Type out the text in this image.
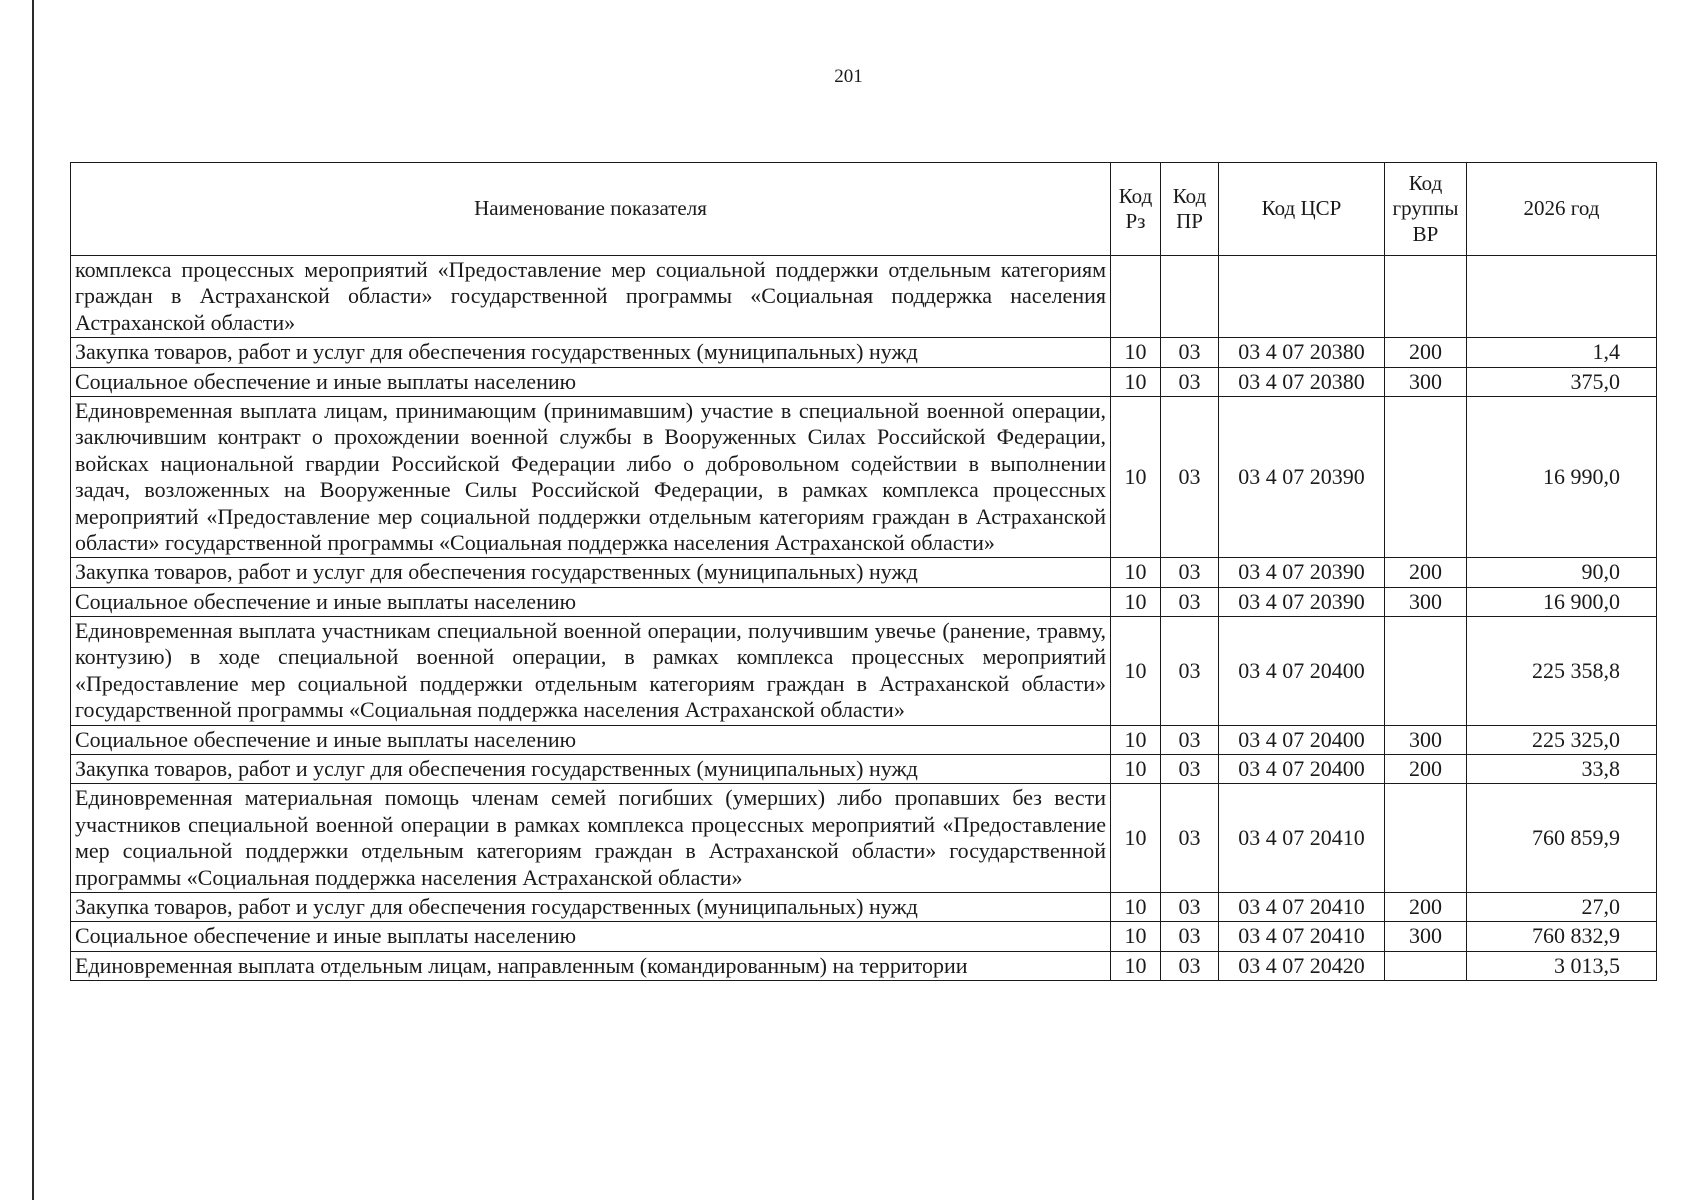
201
Наименование показателя	Код Рз	Код ПР	Код ЦСР	Код группы ВР	2026 год
комплекса процессных мероприятий «Предоставление мер социальной поддержки отдельным категориям граждан в Астраханской области» государственной программы «Социальная поддержка населения Астраханской области»					
Закупка товаров, работ и услуг для обеспечения государственных (муниципальных) нужд	10	03	03 4 07 20380	200	1,4
Социальное обеспечение и иные выплаты населению	10	03	03 4 07 20380	300	375,0
Единовременная выплата лицам, принимающим (принимавшим) участие в специальной военной операции, заключившим контракт о прохождении военной службы в Вооруженных Силах Российской Федерации, войсках национальной гвардии Российской Федерации либо о добровольном содействии в выполнении задач, возложенных на Вооруженные Силы Российской Федерации, в рамках комплекса процессных мероприятий «Предоставление мер социальной поддержки отдельным категориям граждан в Астраханской области» государственной программы «Социальная поддержка населения Астраханской области»	10	03	03 4 07 20390		16 990,0
Закупка товаров, работ и услуг для обеспечения государственных (муниципальных) нужд	10	03	03 4 07 20390	200	90,0
Социальное обеспечение и иные выплаты населению	10	03	03 4 07 20390	300	16 900,0
Единовременная выплата участникам специальной военной операции, получившим увечье (ранение, травму, контузию) в ходе специальной военной операции, в рамках комплекса процессных мероприятий «Предоставление мер социальной поддержки отдельным категориям граждан в Астраханской области» государственной программы «Социальная поддержка населения Астраханской области»	10	03	03 4 07 20400		225 358,8
Социальное обеспечение и иные выплаты населению	10	03	03 4 07 20400	300	225 325,0
Закупка товаров, работ и услуг для обеспечения государственных (муниципальных) нужд	10	03	03 4 07 20400	200	33,8
Единовременная материальная помощь членам семей погибших (умерших) либо пропавших без вести участников специальной военной операции в рамках комплекса процессных мероприятий «Предоставление мер социальной поддержки отдельным категориям граждан в Астраханской области» государственной программы «Социальная поддержка населения Астраханской области»	10	03	03 4 07 20410		760 859,9
Закупка товаров, работ и услуг для обеспечения государственных (муниципальных) нужд	10	03	03 4 07 20410	200	27,0
Социальное обеспечение и иные выплаты населению	10	03	03 4 07 20410	300	760 832,9
Единовременная выплата отдельным лицам, направленным (командированным) на территории	10	03	03 4 07 20420		3 013,5
